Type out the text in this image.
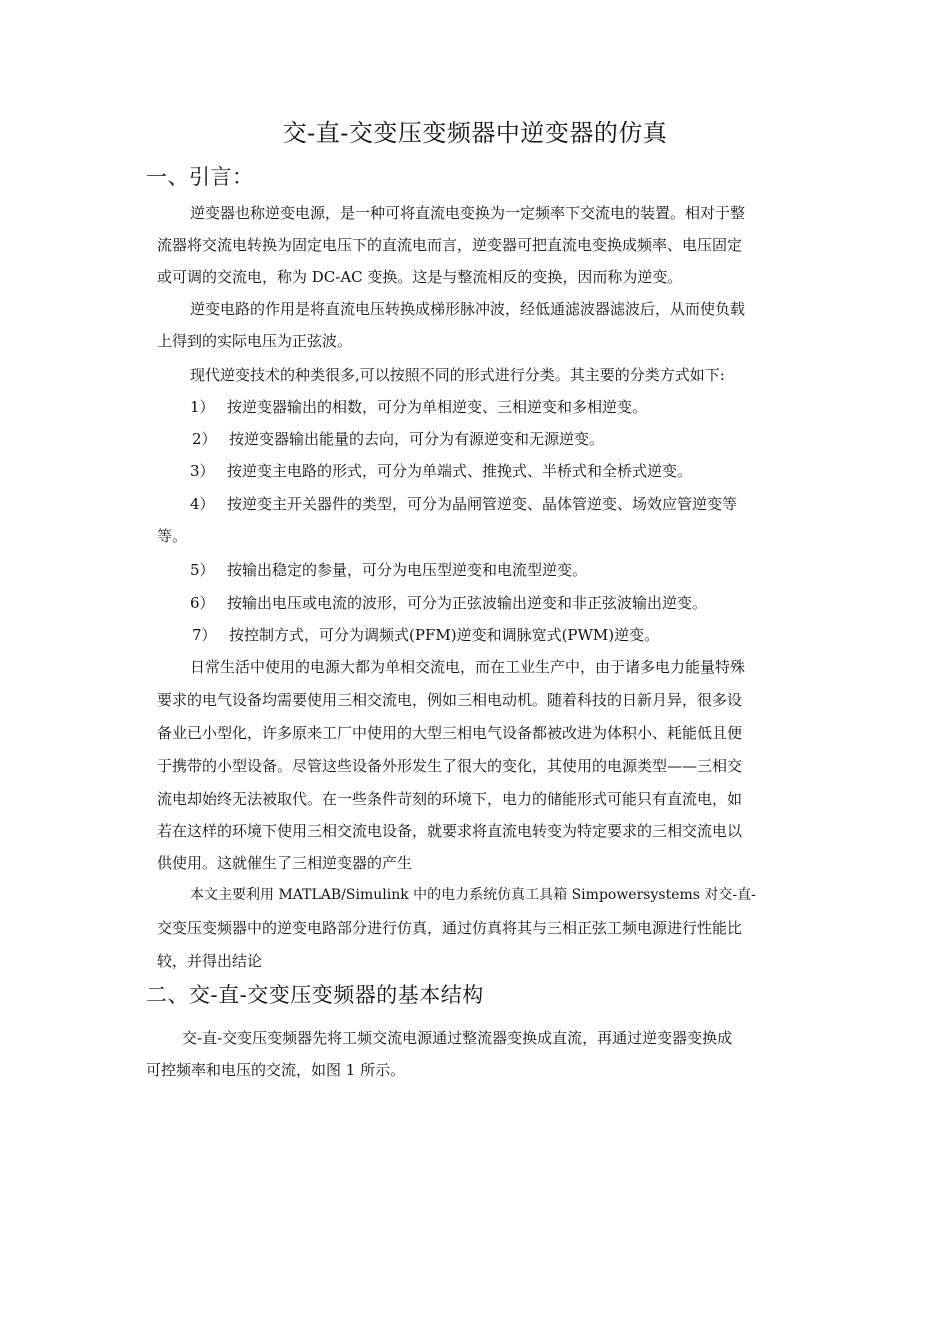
交-直-交变压变频器中逆变器的仿真
一、引言：
逆变器也称逆变电源，是一种可将直流电变换为一定频率下交流电的装置。相对于整
流器将交流电转换为固定电压下的直流电而言，逆变器可把直流电变换成频率、电压固定
或可调的交流电，称为 DC-AC 变换。这是与整流相反的变换，因而称为逆变。
逆变电路的作用是将直流电压转换成梯形脉冲波，经低通滤波器滤波后，从而使负载
上得到的实际电压为正弦波。
现代逆变技术的种类很多,可以按照不同的形式进行分类。其主要的分类方式如下:
1） 按逆变器输出的相数，可分为单相逆变、三相逆变和多相逆变。
2） 按逆变器输出能量的去向，可分为有源逆变和无源逆变。
3） 按逆变主电路的形式，可分为单端式、推挽式、半桥式和全桥式逆变。
4） 按逆变主开关器件的类型，可分为晶闸管逆变、晶体管逆变、场效应管逆变等
等。
5） 按输出稳定的参量，可分为电压型逆变和电流型逆变。
6） 按输出电压或电流的波形，可分为正弦波输出逆变和非正弦波输出逆变。
7） 按控制方式，可分为调频式(PFM)逆变和调脉宽式(PWM)逆变。
日常生活中使用的电源大都为单相交流电，而在工业生产中，由于诸多电力能量特殊
要求的电气设备均需要使用三相交流电，例如三相电动机。随着科技的日新月异，很多设
备业已小型化，许多原来工厂中使用的大型三相电气设备都被改进为体积小、耗能低且便
于携带的小型设备。尽管这些设备外形发生了很大的变化，其使用的电源类型——三相交
流电却始终无法被取代。在一些条件苛刻的环境下，电力的储能形式可能只有直流电，如
若在这样的环境下使用三相交流电设备，就要求将直流电转变为特定要求的三相交流电以
供使用。这就催生了三相逆变器的产生
本文主要利用 MATLAB/Simulink 中的电力系统仿真工具箱 Simpowersystems 对交-直-
交变压变频器中的逆变电路部分进行仿真，通过仿真将其与三相正弦工频电源进行性能比
较，并得出结论
二、交-直-交变压变频器的基本结构
交-直-交变压变频器先将工频交流电源通过整流器变换成直流，再通过逆变器变换成
可控频率和电压的交流，如图 1 所示。
